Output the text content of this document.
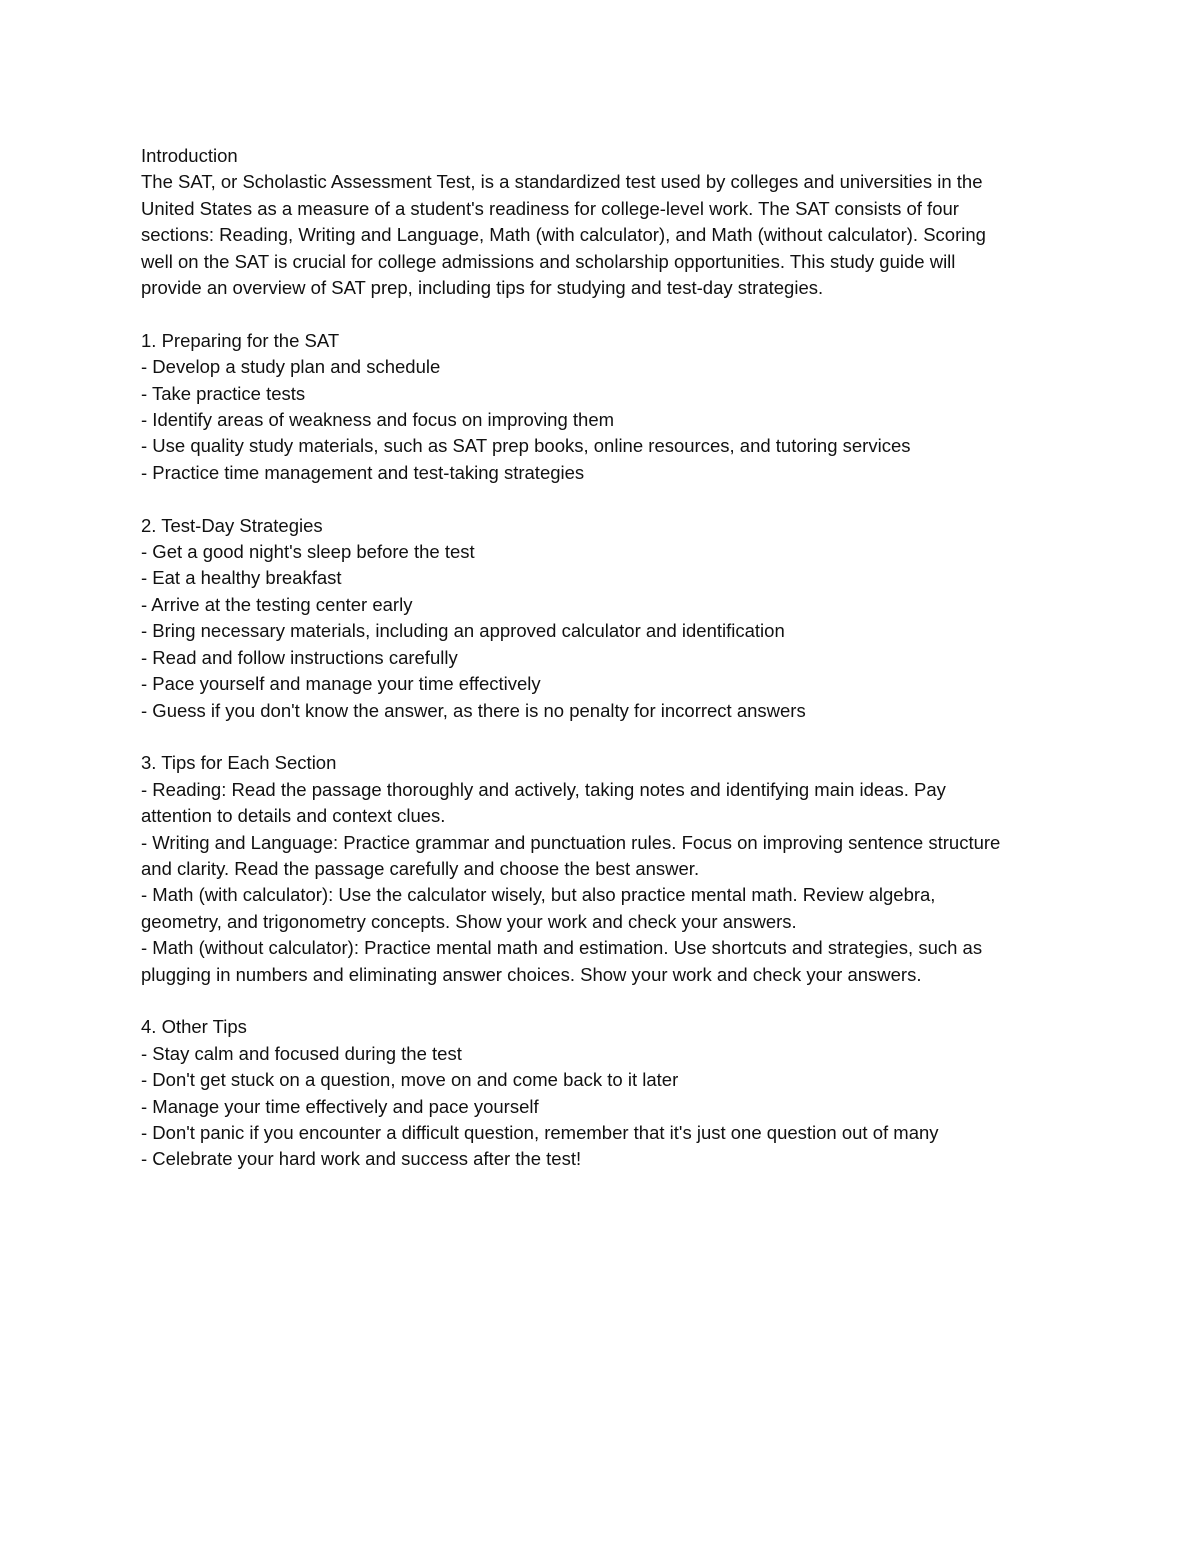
Introduction

The SAT, or Scholastic Assessment Test, is a standardized test used by colleges and universities in the

United States as a measure of a student's readiness for college-level work. The SAT consists of four

sections: Reading, Writing and Language, Math (with calculator), and Math (without calculator). Scoring

well on the SAT is crucial for college admissions and scholarship opportunities. This study guide will

provide an overview of SAT prep, including tips for studying and test-day strategies.

1. Preparing for the SAT

- Develop a study plan and schedule
- Take practice tests
- Identify areas of weakness and focus on improving them
- Use quality study materials, such as SAT prep books, online resources, and tutoring services
- Practice time management and test-taking strategies

2. Test-Day Strategies

- Get a good night's sleep before the test
- Eat a healthy breakfast
- Arrive at the testing center early
- Bring necessary materials, including an approved calculator and identification
- Read and follow instructions carefully
- Pace yourself and manage your time effectively
- Guess if you don't know the answer, as there is no penalty for incorrect answers

3. Tips for Each Section

- Reading: Read the passage thoroughly and actively, taking notes and identifying main ideas. Pay
attention to details and context clues.
- Writing and Language: Practice grammar and punctuation rules. Focus on improving sentence structure
and clarity. Read the passage carefully and choose the best answer.
- Math (with calculator): Use the calculator wisely, but also practice mental math. Review algebra,
geometry, and trigonometry concepts. Show your work and check your answers.
- Math (without calculator): Practice mental math and estimation. Use shortcuts and strategies, such as
plugging in numbers and eliminating answer choices. Show your work and check your answers.

4. Other Tips

- Stay calm and focused during the test
- Don't get stuck on a question, move on and come back to it later
- Manage your time effectively and pace yourself
- Don't panic if you encounter a difficult question, remember that it's just one question out of many
- Celebrate your hard work and success after the test!
